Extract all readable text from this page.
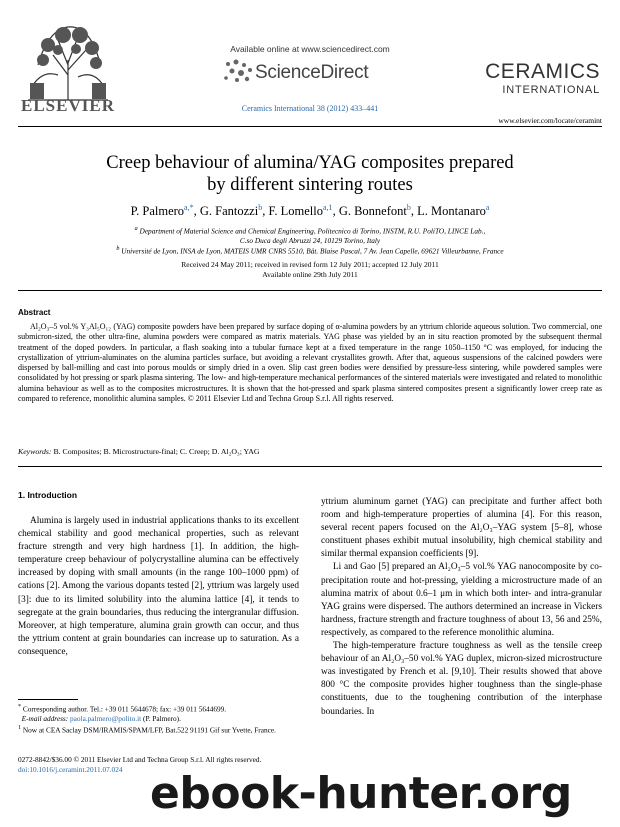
ELSEVIER
Available online at www.sciencedirect.com
ScienceDirect
Ceramics International 38 (2012) 433–441
CERAMICS
INTERNATIONAL
www.elsevier.com/locate/ceramint
Creep behaviour of alumina/YAG composites prepared
by different sintering routes
P. Palmero$^{a,*}$, G. Fantozzi$^b$, F. Lomello$^{a,1}$, G. Bonnefont$^b$, L. Montanaro$^a$
$^a$ Department of Material Science and Chemical Engineering, Politecnico di Torino, INSTM, R.U. PoliTO, LINCE Lab.,
C.so Duca degli Abruzzi 24, 10129 Torino, Italy
$^b$ Université de Lyon, INSA de Lyon, MATEIS UMR CNRS 5510, Bât. Blaise Pascal, 7 Av. Jean Capelle, 69621 Villeurbanne, France
Received 24 May 2011; received in revised form 12 July 2011; accepted 12 July 2011
Available online 29th July 2011
Abstract

Al₂O₃–5 vol.% Y₃Al₅O₁₂ (YAG) composite powders have been prepared by surface doping of α-alumina powders by an yttrium chloride aqueous solution. Two commercial, one submicron-sized, the other ultra-fine, alumina powders were compared as matrix materials. YAG phase was yielded by an in situ reaction promoted by the subsequent thermal treatment of the doped powders. In particular, a flash soaking into a tubular furnace kept at a fixed temperature in the range 1050–1150 °C was employed, for inducing the crystallization of yttrium-aluminates on the alumina particles surface, but avoiding a relevant crystallites growth. After that, aqueous suspensions of the calcined powders were dispersed by ball-milling and cast into porous moulds or simply dried in a oven. Slip cast green bodies were densified by pressure-less sintering, while powdered samples were consolidated by hot pressing or spark plasma sintering. The low- and high-temperature mechanical performances of the sintered materials were investigated and related to monolithic alumina behaviour as well as to the composites microstructures. It is shown that the hot-pressed and spark plasma sintered composites present a significantly lower creep rate as compared to reference, monolithic alumina samples. © 2011 Elsevier Ltd and Techna Group S.r.l. All rights reserved.

Keywords: B. Composites; B. Microstructure-final; C. Creep; D. Al₂O₃; YAG
1. Introduction

Alumina is largely used in industrial applications thanks to its excellent chemical stability and good mechanical properties, such as relevant fracture strength and very high hardness [1]. In addition, the high-temperature creep behaviour of polycrystalline alumina can be effectively increased by doping with small amounts (in the range 100–1000 ppm) of cations [2]. Among the various dopants tested [2], yttrium was largely used [3]: due to its limited solubility into the alumina lattice [4], it tends to segregate at the grain boundaries, thus reducing the intergranular diffusion. Moreover, at high temperature, alumina grain growth can occur, and thus the yttrium content at grain boundaries can increase up to saturation. As a consequence,

yttrium aluminum garnet (YAG) can precipitate and further affect both room and high-temperature properties of alumina [4]. For this reason, several recent papers focused on the Al₂O₃–YAG system [5–8], whose constituent phases exhibit mutual insolubility, high chemical stability and similar thermal expansion coefficients [9].

Li and Gao [5] prepared an Al₂O₃–5 vol.% YAG nanocomposite by co-precipitation route and hot-pressing, yielding a microstructure made of an alumina matrix of about 0.6–1 μm in which both inter- and intra-granular YAG grains were dispersed. The authors determined an increase in Vickers hardness, fracture strength and fracture toughness of about 13, 56 and 25%, respectively, as compared to the reference monolithic alumina.

The high-temperature fracture toughness as well as the tensile creep behaviour of an Al₂O₃–50 vol.% YAG duplex, micron-sized microstructure was investigated by French et al. [9,10]. Their results showed that above 800 °C the composite provides higher toughness than the single-phase constituents, due to the toughening contribution of the interphase boundaries. In

* Corresponding author. Tel.: +39 011 5644678; fax: +39 011 5644699.
E-mail address: paola.palmero@polito.it (P. Palmero).
$^1$ Now at CEA Saclay DSM/IRAMIS/SPAM/LFP, Bat.522 91191 Gif sur Yvette, France.
0272-8842/$36.00 © 2011 Elsevier Ltd and Techna Group S.r.l. All rights reserved.
doi:10.1016/j.ceramint.2011.07.024 ebook-hunter.org
